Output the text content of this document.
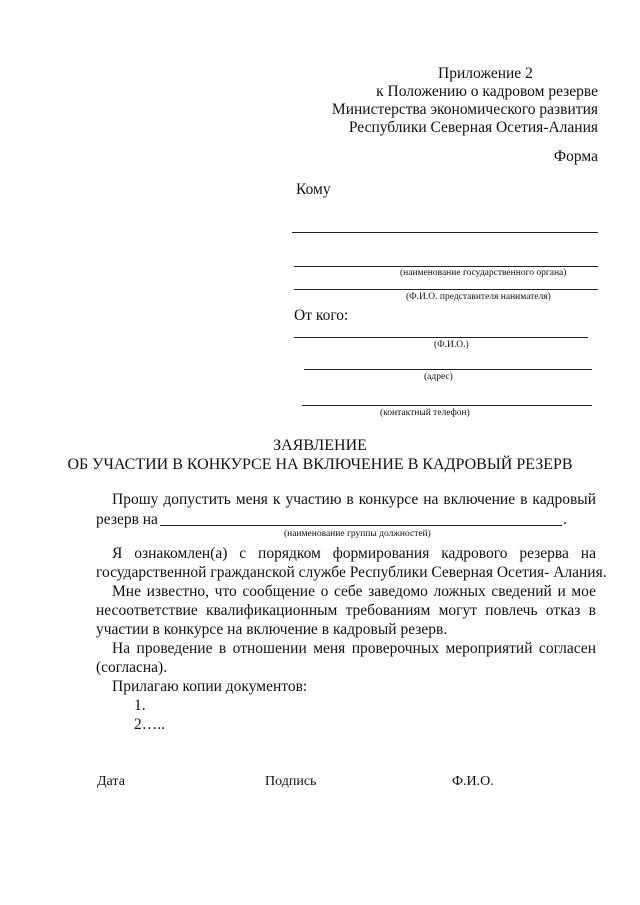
Приложение 2
к Положению о кадровом резерве
Министерства экономического развития
Республики Северная Осетия-Алания
Форма
Кому
(наименование государственного органа)
(Ф.И.О. представителя нанимателя)
От кого:
(Ф.И.О.)
(адрес)
(контактный телефон)
ЗАЯВЛЕНИЕ
ОБ УЧАСТИИ В КОНКУРСЕ НА ВКЛЮЧЕНИЕ В КАДРОВЫЙ РЕЗЕРВ
Прошу допустить меня к участию в конкурсе на включение в кадровый
резерв на	.
(наименование группы должностей)
Я ознакомлен(а) с порядком формирования кадрового резерва на
государственной гражданской службе Республики Северная Осетия- Алания.
Мне известно, что сообщение о себе заведомо ложных сведений и мое
несоответствие квалификационным требованиям могут повлечь отказ в
участии в конкурсе на включение в кадровый резерв.
На проведение в отношении меня проверочных мероприятий согласен
(согласна).
Прилагаю копии документов:
1.
2…..
Дата	Подпись	Ф.И.О.
